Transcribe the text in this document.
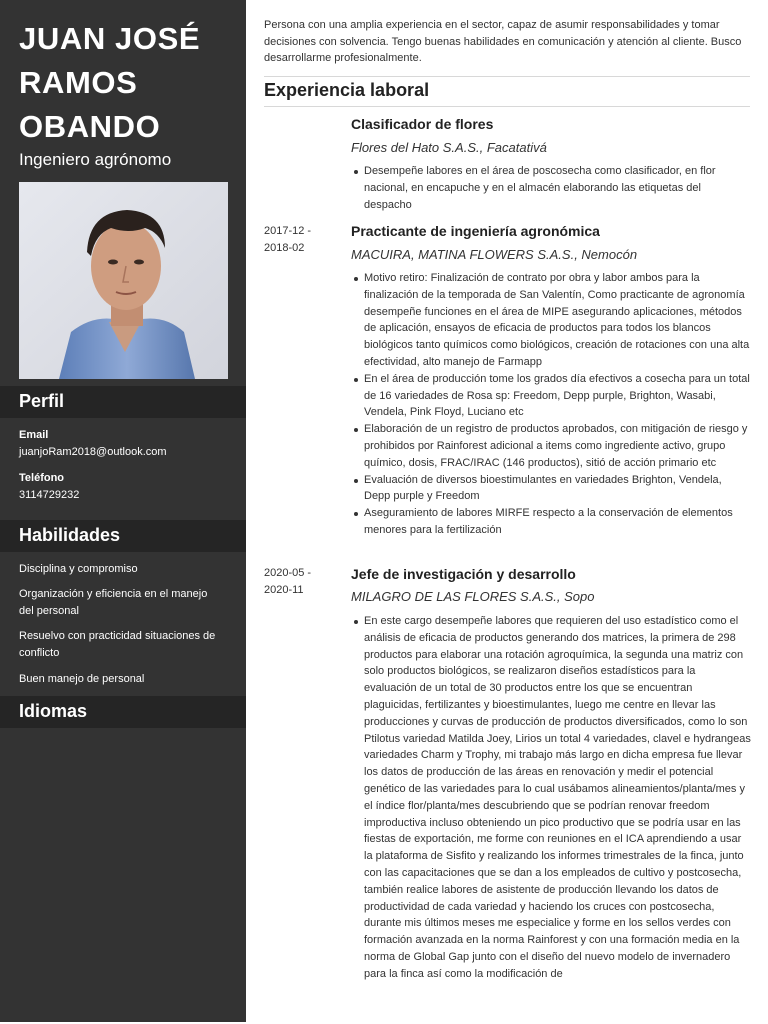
JUAN JOSÉ RAMOS OBANDO
Ingeniero agrónomo
Perfil
Email
juanjoRam2018@outlook.com
Teléfono
3114729232
Habilidades
Disciplina y compromiso
Organización y eficiencia en el manejo del personal
Resuelvo con practicidad situaciones de conflicto
Buen manejo de personal
Idiomas
Persona con una amplia experiencia en el sector, capaz de asumir responsabilidades y tomar decisiones con solvencia. Tengo buenas habilidades en comunicación y atención al cliente. Busco desarrollarme profesionalmente.
Experiencia laboral
Clasificador de flores
Flores del Hato S.A.S., Facatativá
Desempeñe labores en el área de poscosecha como clasificador, en flor nacional, en encapuche y en el almacén elaborando las etiquetas del despacho
2017-12 - 2018-02
Practicante de ingeniería agronómica
MACUIRA, MATINA FLOWERS S.A.S., Nemocón
Motivo retiro: Finalización de contrato por obra y labor ambos para la finalización de la temporada de San Valentín, Como practicante de agronomía desempeñe funciones en el área de MIPE asegurando aplicaciones, métodos de aplicación, ensayos de eficacia de productos para todos los blancos biológicos tanto químicos como biológicos, creación de rotaciones con una alta efectividad, alto manejo de Farmapp
En el área de producción tome los grados día efectivos a cosecha para un total de 16 variedades de Rosa sp: Freedom, Depp purple, Brighton, Wasabi, Vendela, Pink Floyd, Luciano etc
Elaboración de un registro de productos aprobados, con mitigación de riesgo y prohibidos por Rainforest adicional a items como ingrediente activo, grupo químico, dosis, FRAC/IRAC (146 productos), sitió de acción primario etc
Evaluación de diversos bioestimulantes en variedades Brighton, Vendela, Depp purple y Freedom
Aseguramiento de labores MIRFE respecto a la conservación de elementos menores para la fertilización
2020-05 - 2020-11
Jefe de investigación y desarrollo
MILAGRO DE LAS FLORES S.A.S., Sopo
En este cargo desempeñe labores que requieren del uso estadístico como el análisis de eficacia de productos generando dos matrices, la primera de 298 productos para elaborar una rotación agroquímica, la segunda una matriz con solo productos biológicos, se realizaron diseños estadísticos para la evaluación de un total de 30 productos entre los que se encuentran plaguicidas, fertilizantes y bioestimulantes, luego me centre en llevar las producciones y curvas de producción de productos diversificados, como lo son Ptilotus variedad Matilda Joey, Lirios un total 4 variedades, clavel e hydrangeas variedades Charm y Trophy, mi trabajo más largo en dicha empresa fue llevar los datos de producción de las áreas en renovación y medir el potencial genético de las variedades para lo cual usábamos alineamientos/planta/mes y el índice flor/planta/mes descubriendo que se podrían renovar freedom improductiva incluso obteniendo un pico productivo que se podría usar en las fiestas de exportación, me forme con reuniones en el ICA aprendiendo a usar la plataforma de Sisfito y realizando los informes trimestrales de la finca, junto con las capacitaciones que se dan a los empleados de cultivo y postcosecha, también realice labores de asistente de producción llevando los datos de productividad de cada variedad y haciendo los cruces con postcosecha, durante mis últimos meses me especialice y forme en los sellos verdes con formación avanzada en la norma Rainforest y con una formación media en la norma de Global Gap junto con el diseño del nuevo modelo de invernadero para la finca así como la modificación de
